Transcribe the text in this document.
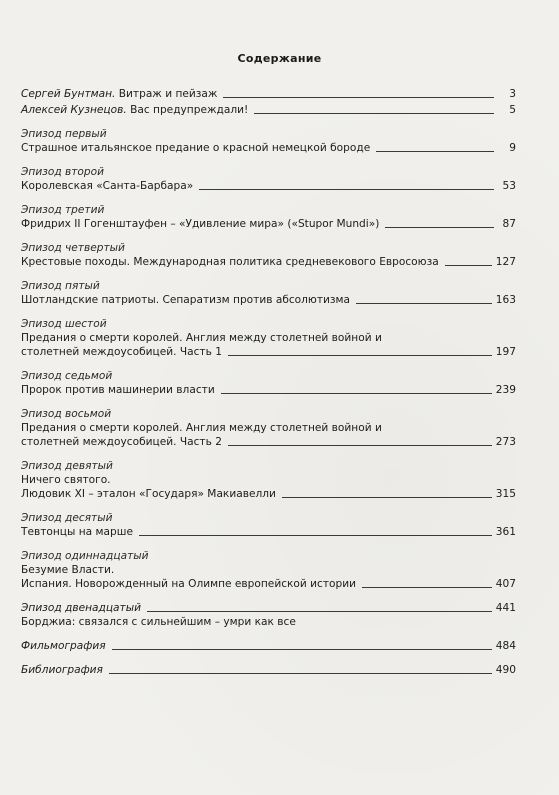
Содержание
Сергей Бунтман. Витраж и пейзаж	3
Алексей Кузнецов. Вас предупреждали!	5
Эпизод первый
Страшное итальянское предание о красной немецкой бороде	9
Эпизод второй
Королевская «Санта-Барбара»	53
Эпизод третий
Фридрих II Гогенштауфен – «Удивление мира» («Stupor Mundi»)	87
Эпизод четвертый
Крестовые походы. Международная политика средневекового Евросоюза	127
Эпизод пятый
Шотландские патриоты. Сепаратизм против абсолютизма	163
Эпизод шестой
Предания о смерти королей. Англия между столетней войной и
столетней междоусобицей. Часть 1	197
Эпизод седьмой
Пророк против машинерии власти	239
Эпизод восьмой
Предания о смерти королей. Англия между столетней войной и
столетней междоусобицей. Часть 2	273
Эпизод девятый
Ничего святого.
Людовик XI – эталон «Государя» Макиавелли	315
Эпизод десятый
Тевтонцы на марше	361
Эпизод одиннадцатый
Безумие Власти.
Испания. Новорожденный на Олимпе европейской истории	407
Эпизод двенадцатый	441
Борджиа: связался с сильнейшим – умри как все
Фильмография	484
Библиография	490
